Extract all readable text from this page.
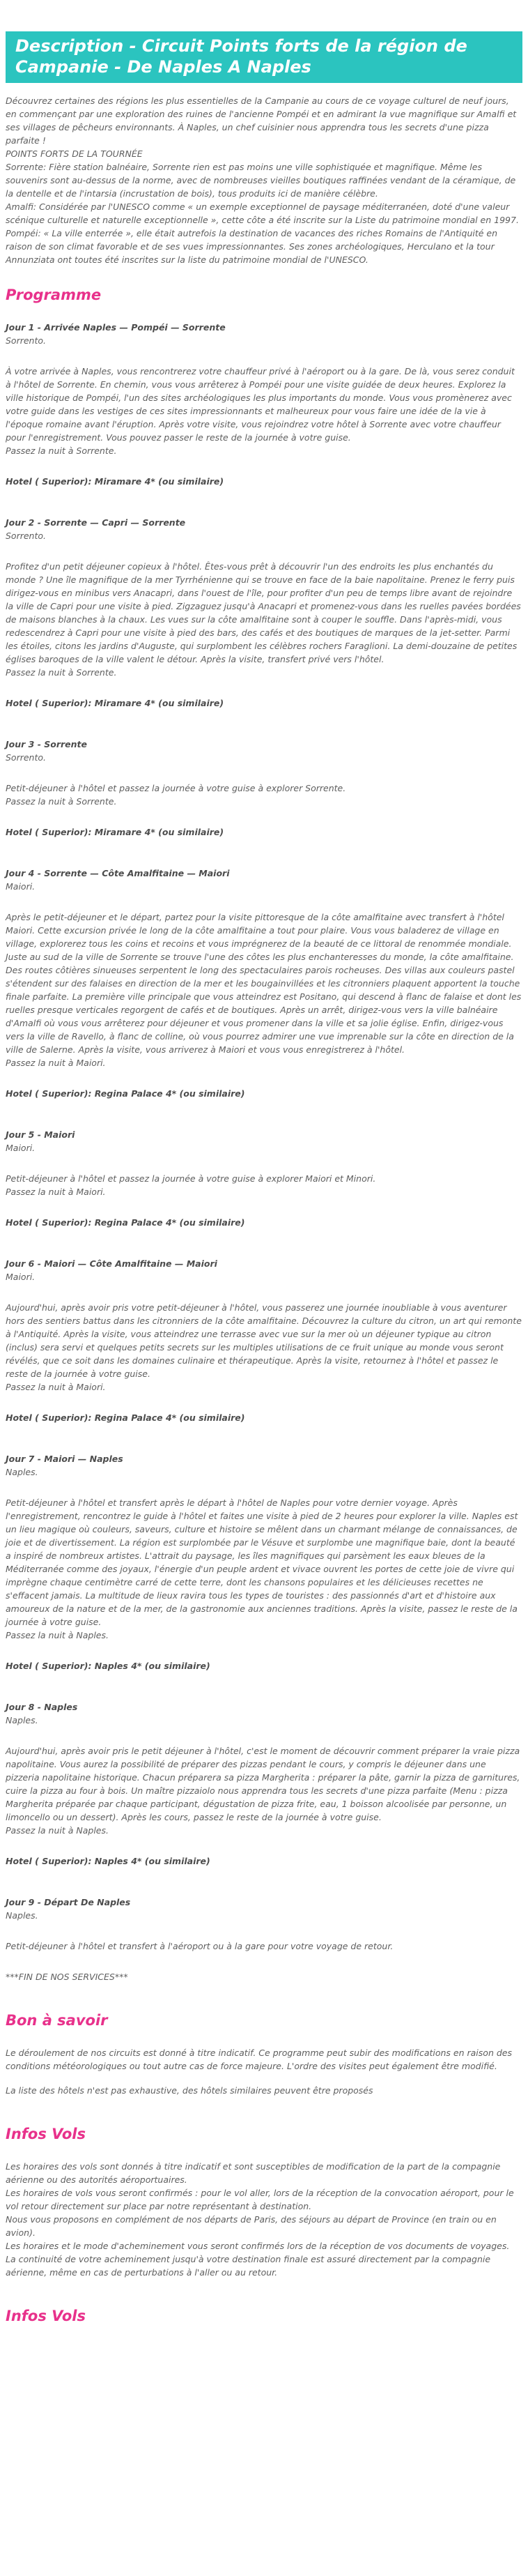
Description - Circuit Points forts de la région de Campanie - De Naples A Naples

Découvrez certaines des régions les plus essentielles de la Campanie au cours de ce voyage culturel de neuf jours, en commençant par une exploration des ruines de l'ancienne Pompéi et en admirant la vue magnifique sur Amalfi et ses villages de pêcheurs environnants. À Naples, un chef cuisinier nous apprendra tous les secrets d'une pizza parfaite !

POINTS FORTS DE LA TOURNÉE

Sorrente: Fière station balnéaire, Sorrente rien est pas moins une ville sophistiquée et magnifique. Même les souvenirs sont au-dessus de la norme, avec de nombreuses vieilles boutiques raffinées vendant de la céramique, de la dentelle et de l'intarsia (incrustation de bois), tous produits ici de manière célèbre.

Amalfi: Considérée par l'UNESCO comme « un exemple exceptionnel de paysage méditerranéen, doté d'une valeur scénique culturelle et naturelle exceptionnelle », cette côte a été inscrite sur la Liste du patrimoine mondial en 1997.

Pompéi: « La ville enterrée », elle était autrefois la destination de vacances des riches Romains de l'Antiquité en raison de son climat favorable et de ses vues impressionnantes. Ses zones archéologiques, Herculano et la tour Annunziata ont toutes été inscrites sur la liste du patrimoine mondial de l'UNESCO.

Programme

Jour 1 - Arrivée Naples — Pompéi — Sorrente

Sorrento.

À votre arrivée à Naples, vous rencontrerez votre chauffeur privé à l'aéroport ou à la gare. De là, vous serez conduit à l'hôtel de Sorrente. En chemin, vous vous arrêterez à Pompéi pour une visite guidée de deux heures. Explorez la ville historique de Pompéi, l'un des sites archéologiques les plus importants du monde. Vous vous promènerez avec votre guide dans les vestiges de ces sites impressionnants et malheureux pour vous faire une idée de la vie à l'époque romaine avant l'éruption. Après votre visite, vous rejoindrez votre hôtel à Sorrente avec votre chauffeur pour l'enregistrement. Vous pouvez passer le reste de la journée à votre guise.

Passez la nuit à Sorrente.

Hotel ( Superior): Miramare 4* (ou similaire)

Jour 2 - Sorrente — Capri — Sorrente

Sorrento.

Profitez d'un petit déjeuner copieux à l'hôtel. Êtes-vous prêt à découvrir l'un des endroits les plus enchantés du monde ? Une île magnifique de la mer Tyrrhénienne qui se trouve en face de la baie napolitaine. Prenez le ferry puis dirigez-vous en minibus vers Anacapri, dans l'ouest de l'île, pour profiter d'un peu de temps libre avant de rejoindre la ville de Capri pour une visite à pied. Zigzaguez jusqu'à Anacapri et promenez-vous dans les ruelles pavées bordées de maisons blanches à la chaux. Les vues sur la côte amalfitaine sont à couper le souffle. Dans l'après-midi, vous redescendrez à Capri pour une visite à pied des bars, des cafés et des boutiques de marques de la jet-setter. Parmi les étoiles, citons les jardins d'Auguste, qui surplombent les célèbres rochers Faraglioni. La demi-douzaine de petites églises baroques de la ville valent le détour. Après la visite, transfert privé vers l'hôtel.

Passez la nuit à Sorrente.

Hotel ( Superior): Miramare 4* (ou similaire)

Jour 3 - Sorrente

Sorrento.

Petit-déjeuner à l'hôtel et passez la journée à votre guise à explorer Sorrente.

Passez la nuit à Sorrente.

Hotel ( Superior): Miramare 4* (ou similaire)

Jour 4 - Sorrente — Côte Amalfitaine — Maiori

Maiori.

Après le petit-déjeuner et le départ, partez pour la visite pittoresque de la côte amalfitaine avec transfert à l'hôtel Maiori. Cette excursion privée le long de la côte amalfitaine a tout pour plaire. Vous vous baladerez de village en village, explorerez tous les coins et recoins et vous imprégnerez de la beauté de ce littoral de renommée mondiale. Juste au sud de la ville de Sorrente se trouve l'une des côtes les plus enchanteresses du monde, la côte amalfitaine. Des routes côtières sinueuses serpentent le long des spectaculaires parois rocheuses. Des villas aux couleurs pastel s'étendent sur des falaises en direction de la mer et les bougainvillées et les citronniers plaquent apportent la touche finale parfaite. La première ville principale que vous atteindrez est Positano, qui descend à flanc de falaise et dont les ruelles presque verticales regorgent de cafés et de boutiques. Après un arrêt, dirigez-vous vers la ville balnéaire d'Amalfi où vous vous arrêterez pour déjeuner et vous promener dans la ville et sa jolie église. Enfin, dirigez-vous vers la ville de Ravello, à flanc de colline, où vous pourrez admirer une vue imprenable sur la côte en direction de la ville de Salerne. Après la visite, vous arriverez à Maiori et vous vous enregistrerez à l'hôtel.

Passez la nuit à Maiori.

Hotel ( Superior): Regina Palace 4* (ou similaire)

Jour 5 - Maiori

Maiori.

Petit-déjeuner à l'hôtel et passez la journée à votre guise à explorer Maiori et Minori.

Passez la nuit à Maiori.

Hotel ( Superior): Regina Palace 4* (ou similaire)

Jour 6 - Maiori — Côte Amalfitaine — Maiori

Maiori.

Aujourd'hui, après avoir pris votre petit-déjeuner à l'hôtel, vous passerez une journée inoubliable à vous aventurer hors des sentiers battus dans les citronniers de la côte amalfitaine. Découvrez la culture du citron, un art qui remonte à l'Antiquité. Après la visite, vous atteindrez une terrasse avec vue sur la mer où un déjeuner typique au citron (inclus) sera servi et quelques petits secrets sur les multiples utilisations de ce fruit unique au monde vous seront révélés, que ce soit dans les domaines culinaire et thérapeutique. Après la visite, retournez à l'hôtel et passez le reste de la journée à votre guise.

Passez la nuit à Maiori.

Hotel ( Superior): Regina Palace 4* (ou similaire)

Jour 7 - Maiori — Naples

Naples.

Petit-déjeuner à l'hôtel et transfert après le départ à l'hôtel de Naples pour votre dernier voyage. Après l'enregistrement, rencontrez le guide à l'hôtel et faites une visite à pied de 2 heures pour explorer la ville. Naples est un lieu magique où couleurs, saveurs, culture et histoire se mêlent dans un charmant mélange de connaissances, de joie et de divertissement. La région est surplombée par le Vésuve et surplombe une magnifique baie, dont la beauté a inspiré de nombreux artistes. L'attrait du paysage, les îles magnifiques qui parsèment les eaux bleues de la Méditerranée comme des joyaux, l'énergie d'un peuple ardent et vivace ouvrent les portes de cette joie de vivre qui imprègne chaque centimètre carré de cette terre, dont les chansons populaires et les délicieuses recettes ne s'effacent jamais. La multitude de lieux ravira tous les types de touristes : des passionnés d'art et d'histoire aux amoureux de la nature et de la mer, de la gastronomie aux anciennes traditions. Après la visite, passez le reste de la journée à votre guise.

Passez la nuit à Naples.

Hotel ( Superior): Naples 4* (ou similaire)

Jour 8 - Naples

Naples.

Aujourd'hui, après avoir pris le petit déjeuner à l'hôtel, c'est le moment de découvrir comment préparer la vraie pizza napolitaine. Vous aurez la possibilité de préparer des pizzas pendant le cours, y compris le déjeuner dans une pizzeria napolitaine historique. Chacun préparera sa pizza Margherita : préparer la pâte, garnir la pizza de garnitures, cuire la pizza au four à bois. Un maître pizzaiolo nous apprendra tous les secrets d'une pizza parfaite (Menu : pizza Margherita préparée par chaque participant, dégustation de pizza frite, eau, 1 boisson alcoolisée par personne, un limoncello ou un dessert). Après les cours, passez le reste de la journée à votre guise.

Passez la nuit à Naples.

Hotel ( Superior): Naples 4* (ou similaire)

Jour 9 - Départ De Naples

Naples.

Petit-déjeuner à l'hôtel et transfert à l'aéroport ou à la gare pour votre voyage de retour.

***FIN DE NOS SERVICES***

Bon à savoir

Le déroulement de nos circuits est donné à titre indicatif. Ce programme peut subir des modifications en raison des conditions météorologiques ou tout autre cas de force majeure. L'ordre des visites peut également être modifié.

La liste des hôtels n'est pas exhaustive, des hôtels similaires peuvent être proposés

Infos Vols

Les horaires des vols sont donnés à titre indicatif et sont susceptibles de modification de la part de la compagnie aérienne ou des autorités aéroportuaires.

Les horaires de vols vous seront confirmés : pour le vol aller, lors de la réception de la convocation aéroport, pour le vol retour directement sur place par notre représentant à destination.

Nous vous proposons en complément de nos départs de Paris, des séjours au départ de Province (en train ou en avion).

Les horaires et le mode d'acheminement vous seront confirmés lors de la réception de vos documents de voyages.

La continuité de votre acheminement jusqu'à votre destination finale est assuré directement par la compagnie aérienne, même en cas de perturbations à l'aller ou au retour.

Infos Vols
